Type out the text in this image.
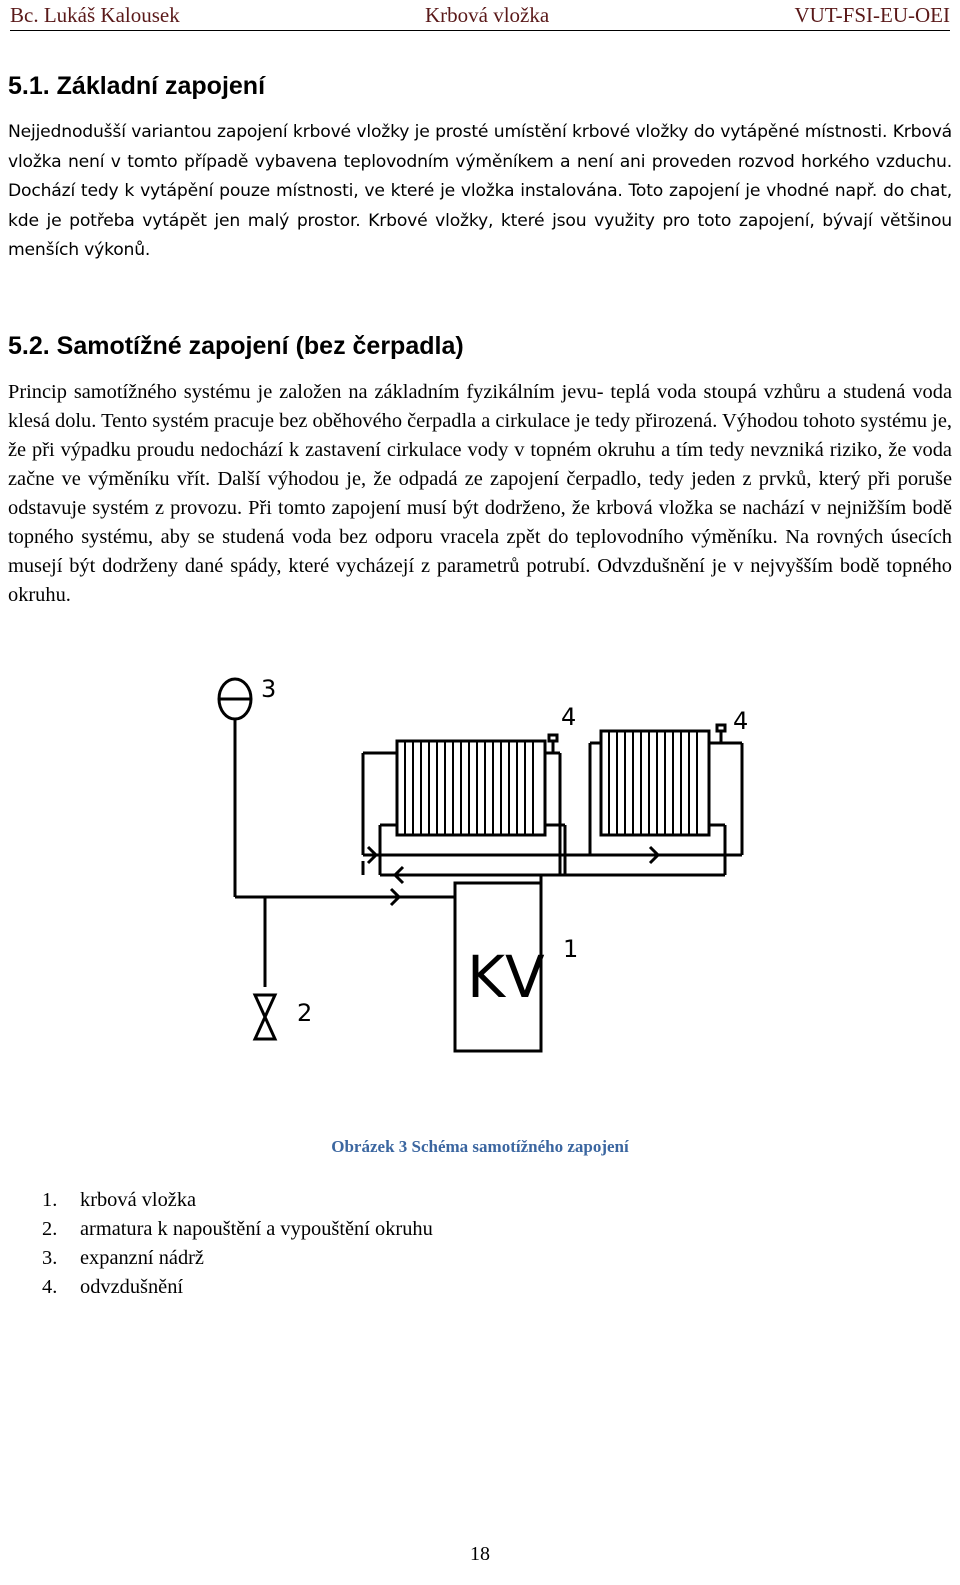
Bc. Lukáš Kalousek	Krbová vložka	VUT-FSI-EU-OEI
5.1. Základní zapojení

Nejjednodušší variantou zapojení krbové vložky je prosté umístění krbové vložky do vytápěné místnosti. Krbová vložka není v tomto případě vybavena teplovodním výměníkem a není ani proveden rozvod horkého vzduchu. Dochází tedy k vytápění pouze místnosti, ve které je vložka instalována. Toto zapojení je vhodné např. do chat, kde je potřeba vytápět jen malý prostor. Krbové vložky, které jsou využity pro toto zapojení, bývají většinou menších výkonů.

5.2. Samotížné zapojení (bez čerpadla)

Princip samotížného systému je založen na základním fyzikálním jevu- teplá voda stoupá vzhůru a studená voda klesá dolu. Tento systém pracuje bez oběhového čerpadla a cirkulace je tedy přirozená. Výhodou tohoto systému je, že při výpadku proudu nedochází k zastavení cirkulace vody v topném okruhu a tím tedy nevzniká riziko, že voda začne ve výměníku vřít. Další výhodou je, že odpadá ze zapojení čerpadlo, tedy jeden z prvků, který při poruše odstavuje systém z provozu. Při tomto zapojení musí být dodrženo, že krbová vložka se nachází v nejnižším bodě topného systému, aby se studená voda bez odporu vracela zpět do teplovodního výměníku. Na rovných úsecích musejí být dodrženy dané spády, které vycházejí z parametrů potrubí. Odvzdušnění je v nejvyšším bodě topného okruhu.

3
4	4
2
1
KV
Obrázek 3 Schéma samotížného zapojení
1.	krbová vložka
2.	armatura k napouštění a vypouštění okruhu
3.	expanzní nádrž
4.	odvzdušnění
18
